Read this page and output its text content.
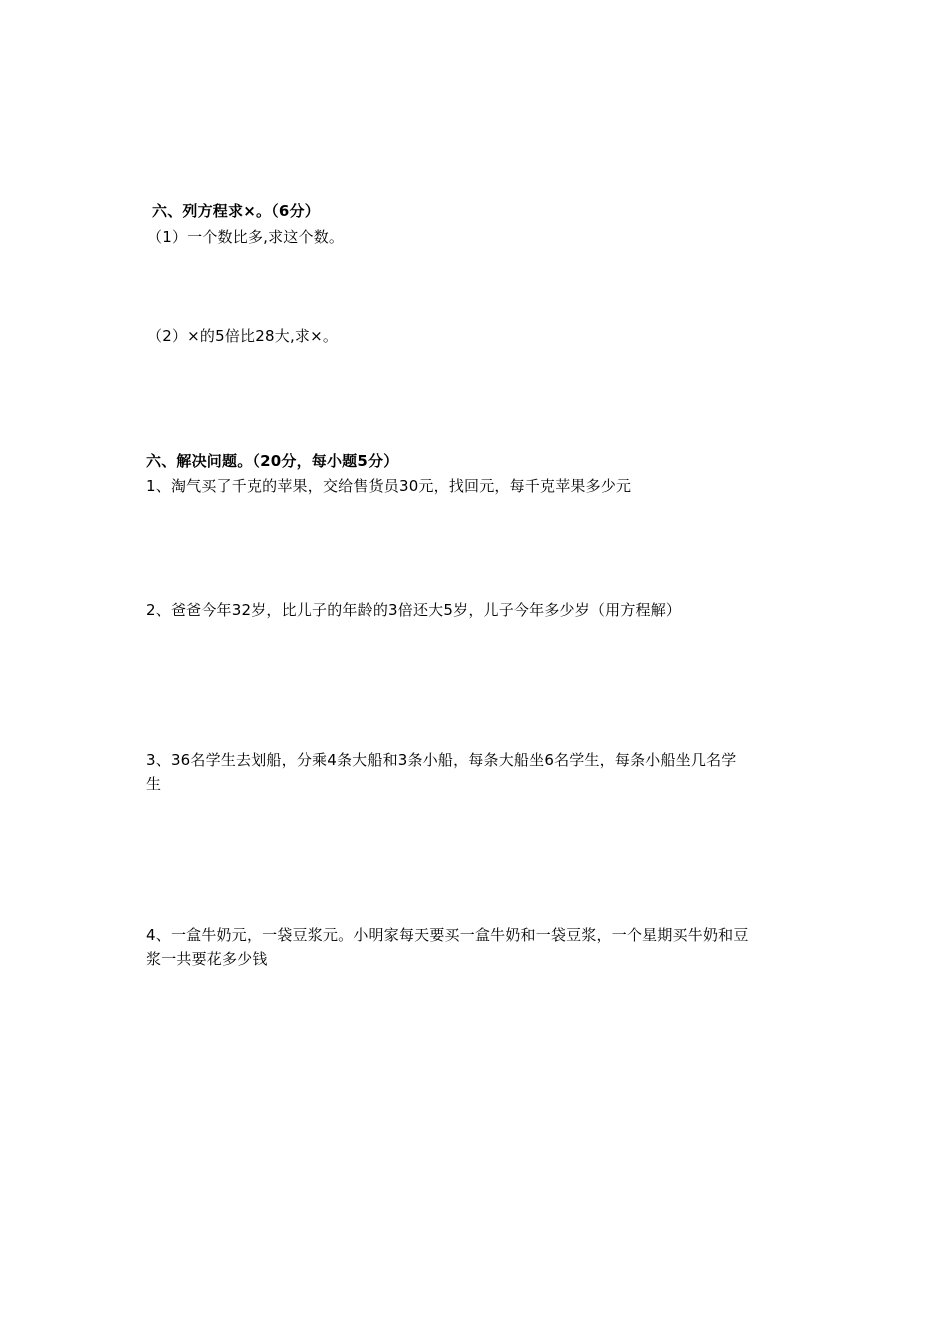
六、列方程求×。（6分）
（1）一个数比多,求这个数。
（2）×的5倍比28大,求×。
六、解决问题。（20分，每小题5分）
1、淘气买了千克的苹果，交给售货员30元，找回元，每千克苹果多少元
2、爸爸今年32岁，比儿子的年龄的3倍还大5岁，儿子今年多少岁（用方程解）
3、36名学生去划船，分乘4条大船和3条小船，每条大船坐6名学生，每条小船坐几名学
生
4、一盒牛奶元，一袋豆浆元。小明家每天要买一盒牛奶和一袋豆浆，一个星期买牛奶和豆
浆一共要花多少钱
